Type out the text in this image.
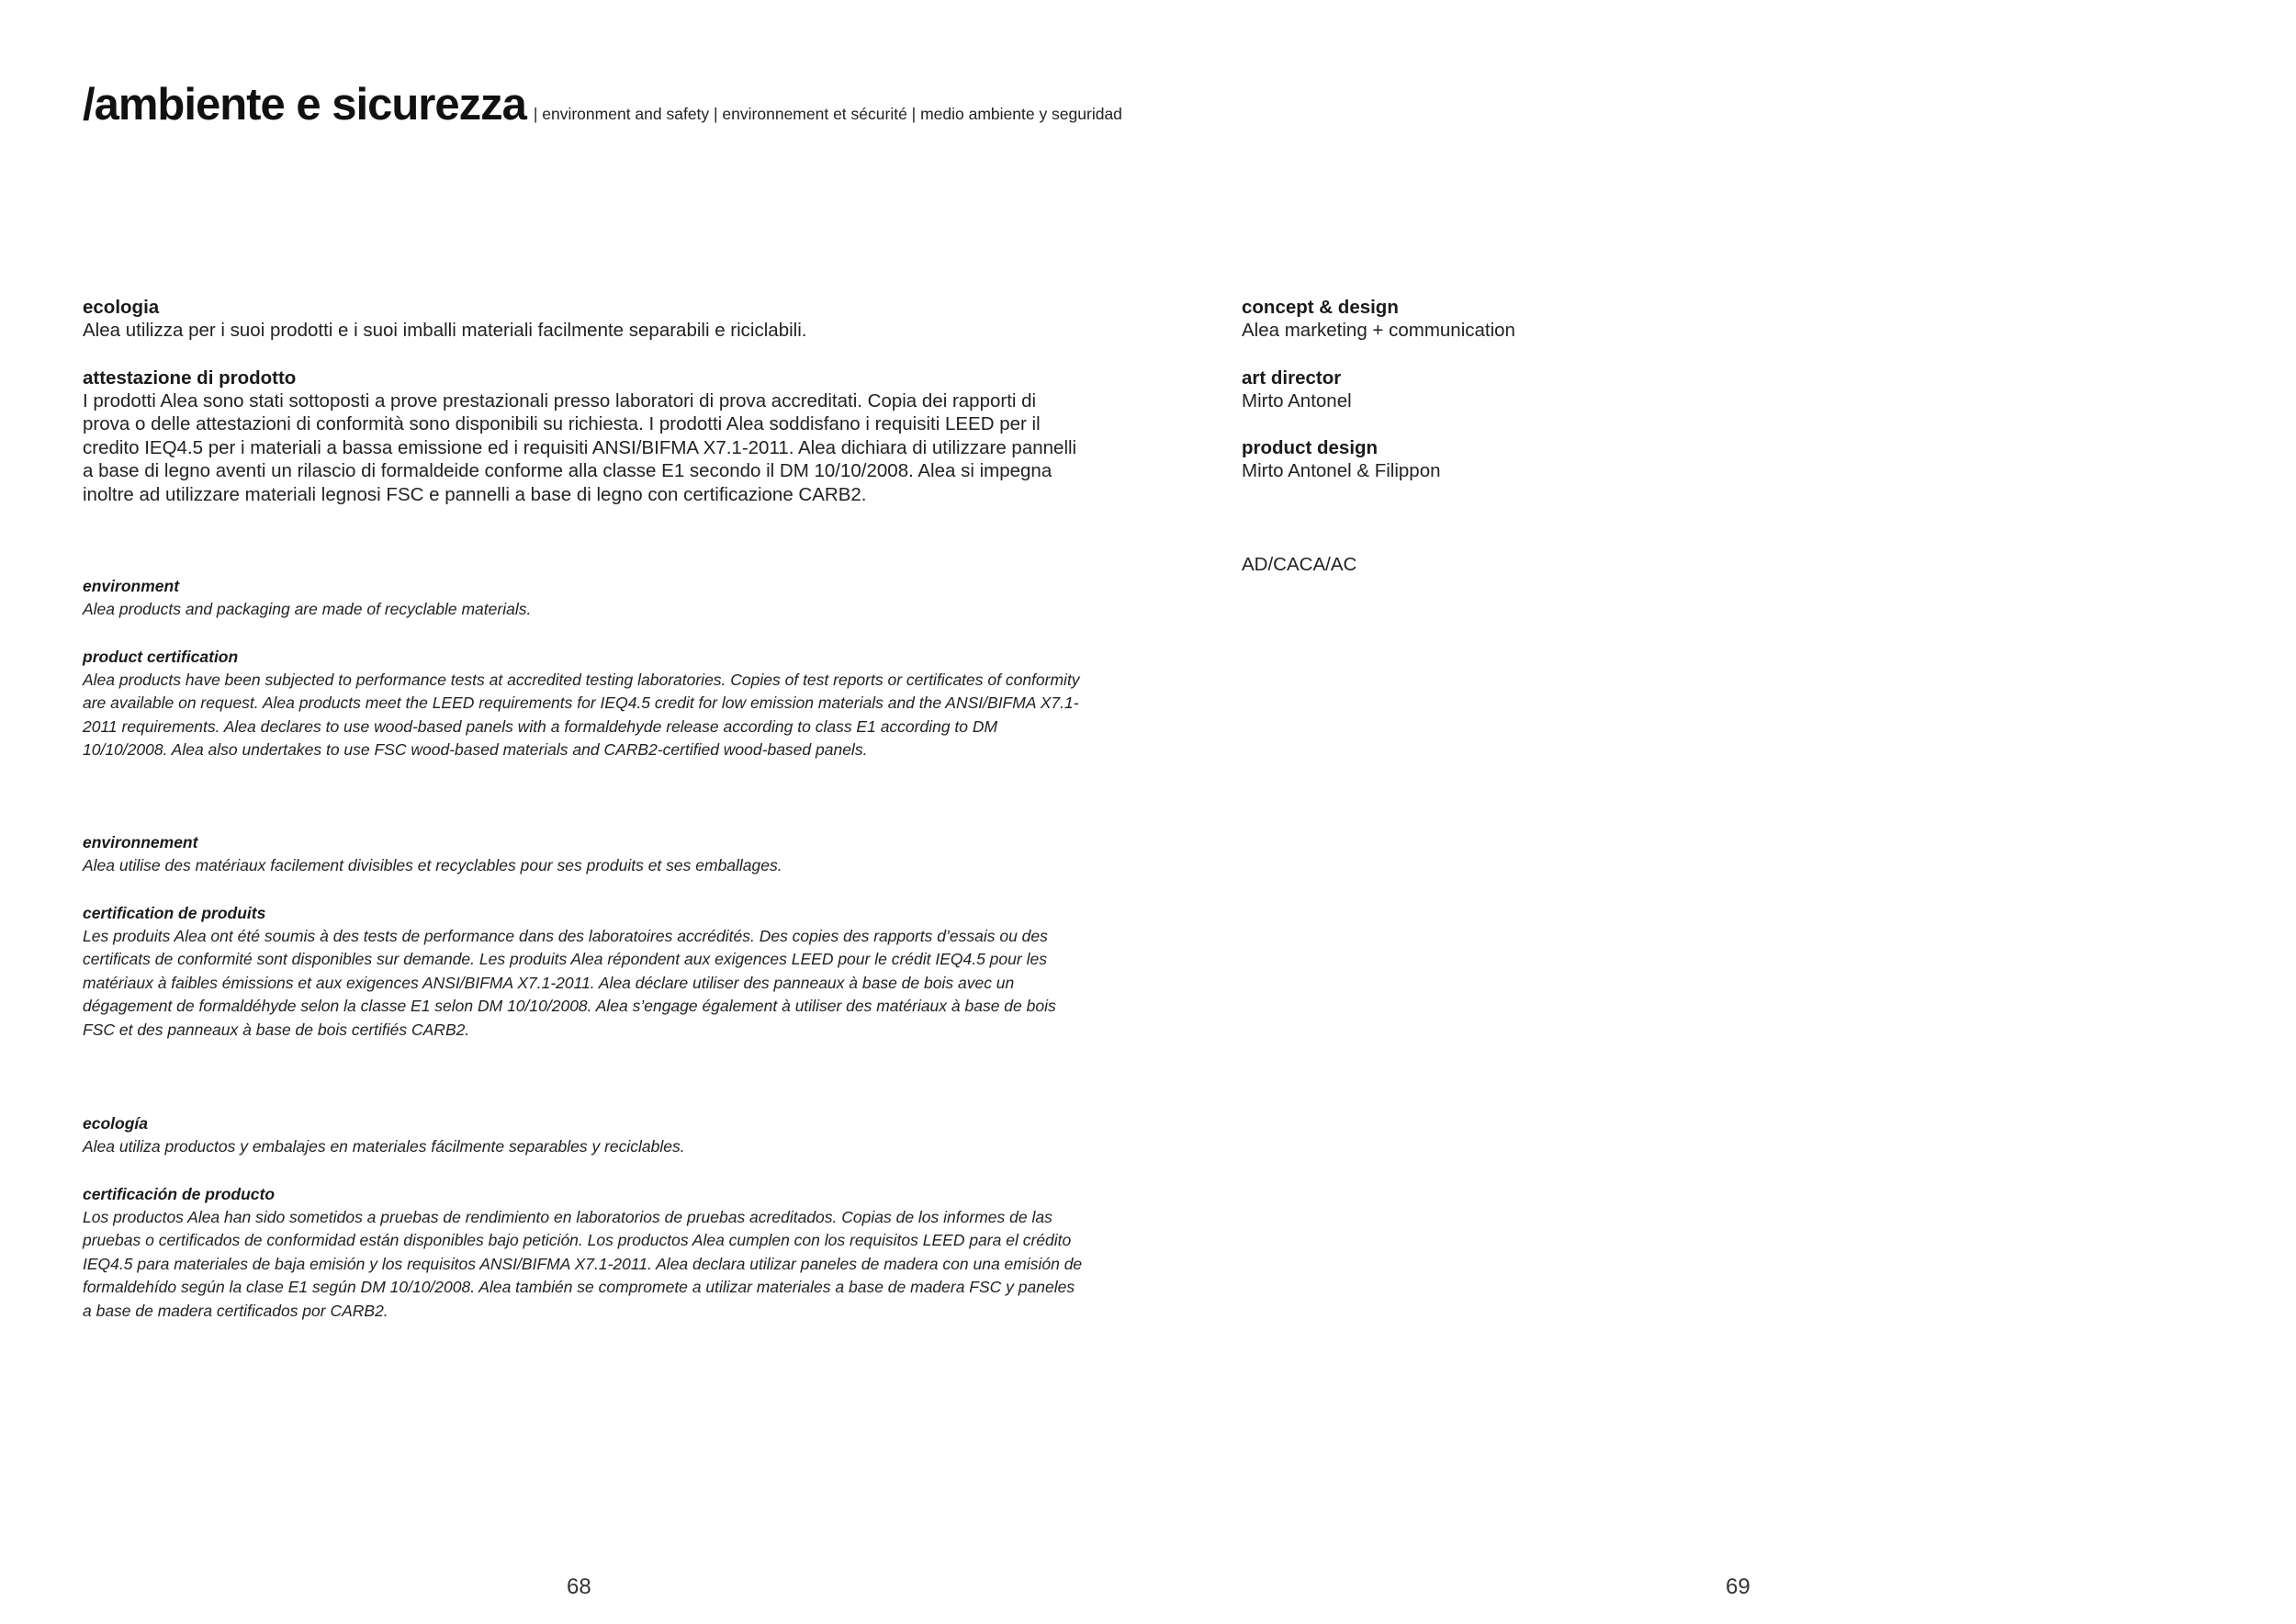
/ambiente e sicurezza | environment and safety | environnement et sécurité | medio ambiente y seguridad

ecologia

Alea utilizza per i suoi prodotti e i suoi imballi materiali facilmente separabili e riciclabili.

attestazione di prodotto

I prodotti Alea sono stati sottoposti a prove prestazionali presso laboratori di prova accreditati. Copia dei rapporti di prova o delle attestazioni di conformità sono disponibili su richiesta. I prodotti Alea soddisfano i requisiti LEED per il credito IEQ4.5 per i materiali a bassa emissione ed i requisiti ANSI/BIFMA X7.1-2011. Alea dichiara di utilizzare pannelli a base di legno aventi un rilascio di formaldeide conforme alla classe E1 secondo il DM 10/10/2008. Alea si impegna inoltre ad utilizzare materiali legnosi FSC e pannelli a base di legno con certificazione CARB2.

environment

Alea products and packaging are made of recyclable materials.

product certification

Alea products have been subjected to performance tests at accredited testing laboratories. Copies of test reports or certificates of conformity are available on request. Alea products meet the LEED requirements for IEQ4.5 credit for low emission materials and the ANSI/BIFMA X7.1-2011 requirements. Alea declares to use wood-based panels with a formaldehyde release according to class E1 according to DM 10/10/2008. Alea also undertakes to use FSC wood-based materials and CARB2-certified wood-based panels.

environnement

Alea utilise des matériaux facilement divisibles et recyclables pour ses produits et ses emballages.

certification de produits

Les produits Alea ont été soumis à des tests de performance dans des laboratoires accrédités. Des copies des rapports d’essais ou des certificats de conformité sont disponibles sur demande. Les produits Alea répondent aux exigences LEED pour le crédit IEQ4.5 pour les matériaux à faibles émissions et aux exigences ANSI/BIFMA X7.1-2011. Alea déclare utiliser des panneaux à base de bois avec un dégagement de formaldéhyde selon la classe E1 selon DM 10/10/2008. Alea s’engage également à utiliser des matériaux à base de bois FSC et des panneaux à base de bois certifiés CARB2.

ecología

Alea utiliza productos y embalajes en materiales fácilmente separables y reciclables.

certificación de producto

Los productos Alea han sido sometidos a pruebas de rendimiento en laboratorios de pruebas acreditados. Copias de los informes de las pruebas o certificados de conformidad están disponibles bajo petición. Los productos Alea cumplen con los requisitos LEED para el crédito IEQ4.5 para materiales de baja emisión y los requisitos ANSI/BIFMA X7.1-2011. Alea declara utilizar paneles de madera con una emisión de formaldehído según la clase E1 según DM 10/10/2008. Alea también se compromete a utilizar materiales a base de madera FSC y paneles a base de madera certificados por CARB2.

concept & design

Alea marketing + communication

art director

Mirto Antonel

product design

Mirto Antonel & Filippon

AD/CACA/AC

68	69
